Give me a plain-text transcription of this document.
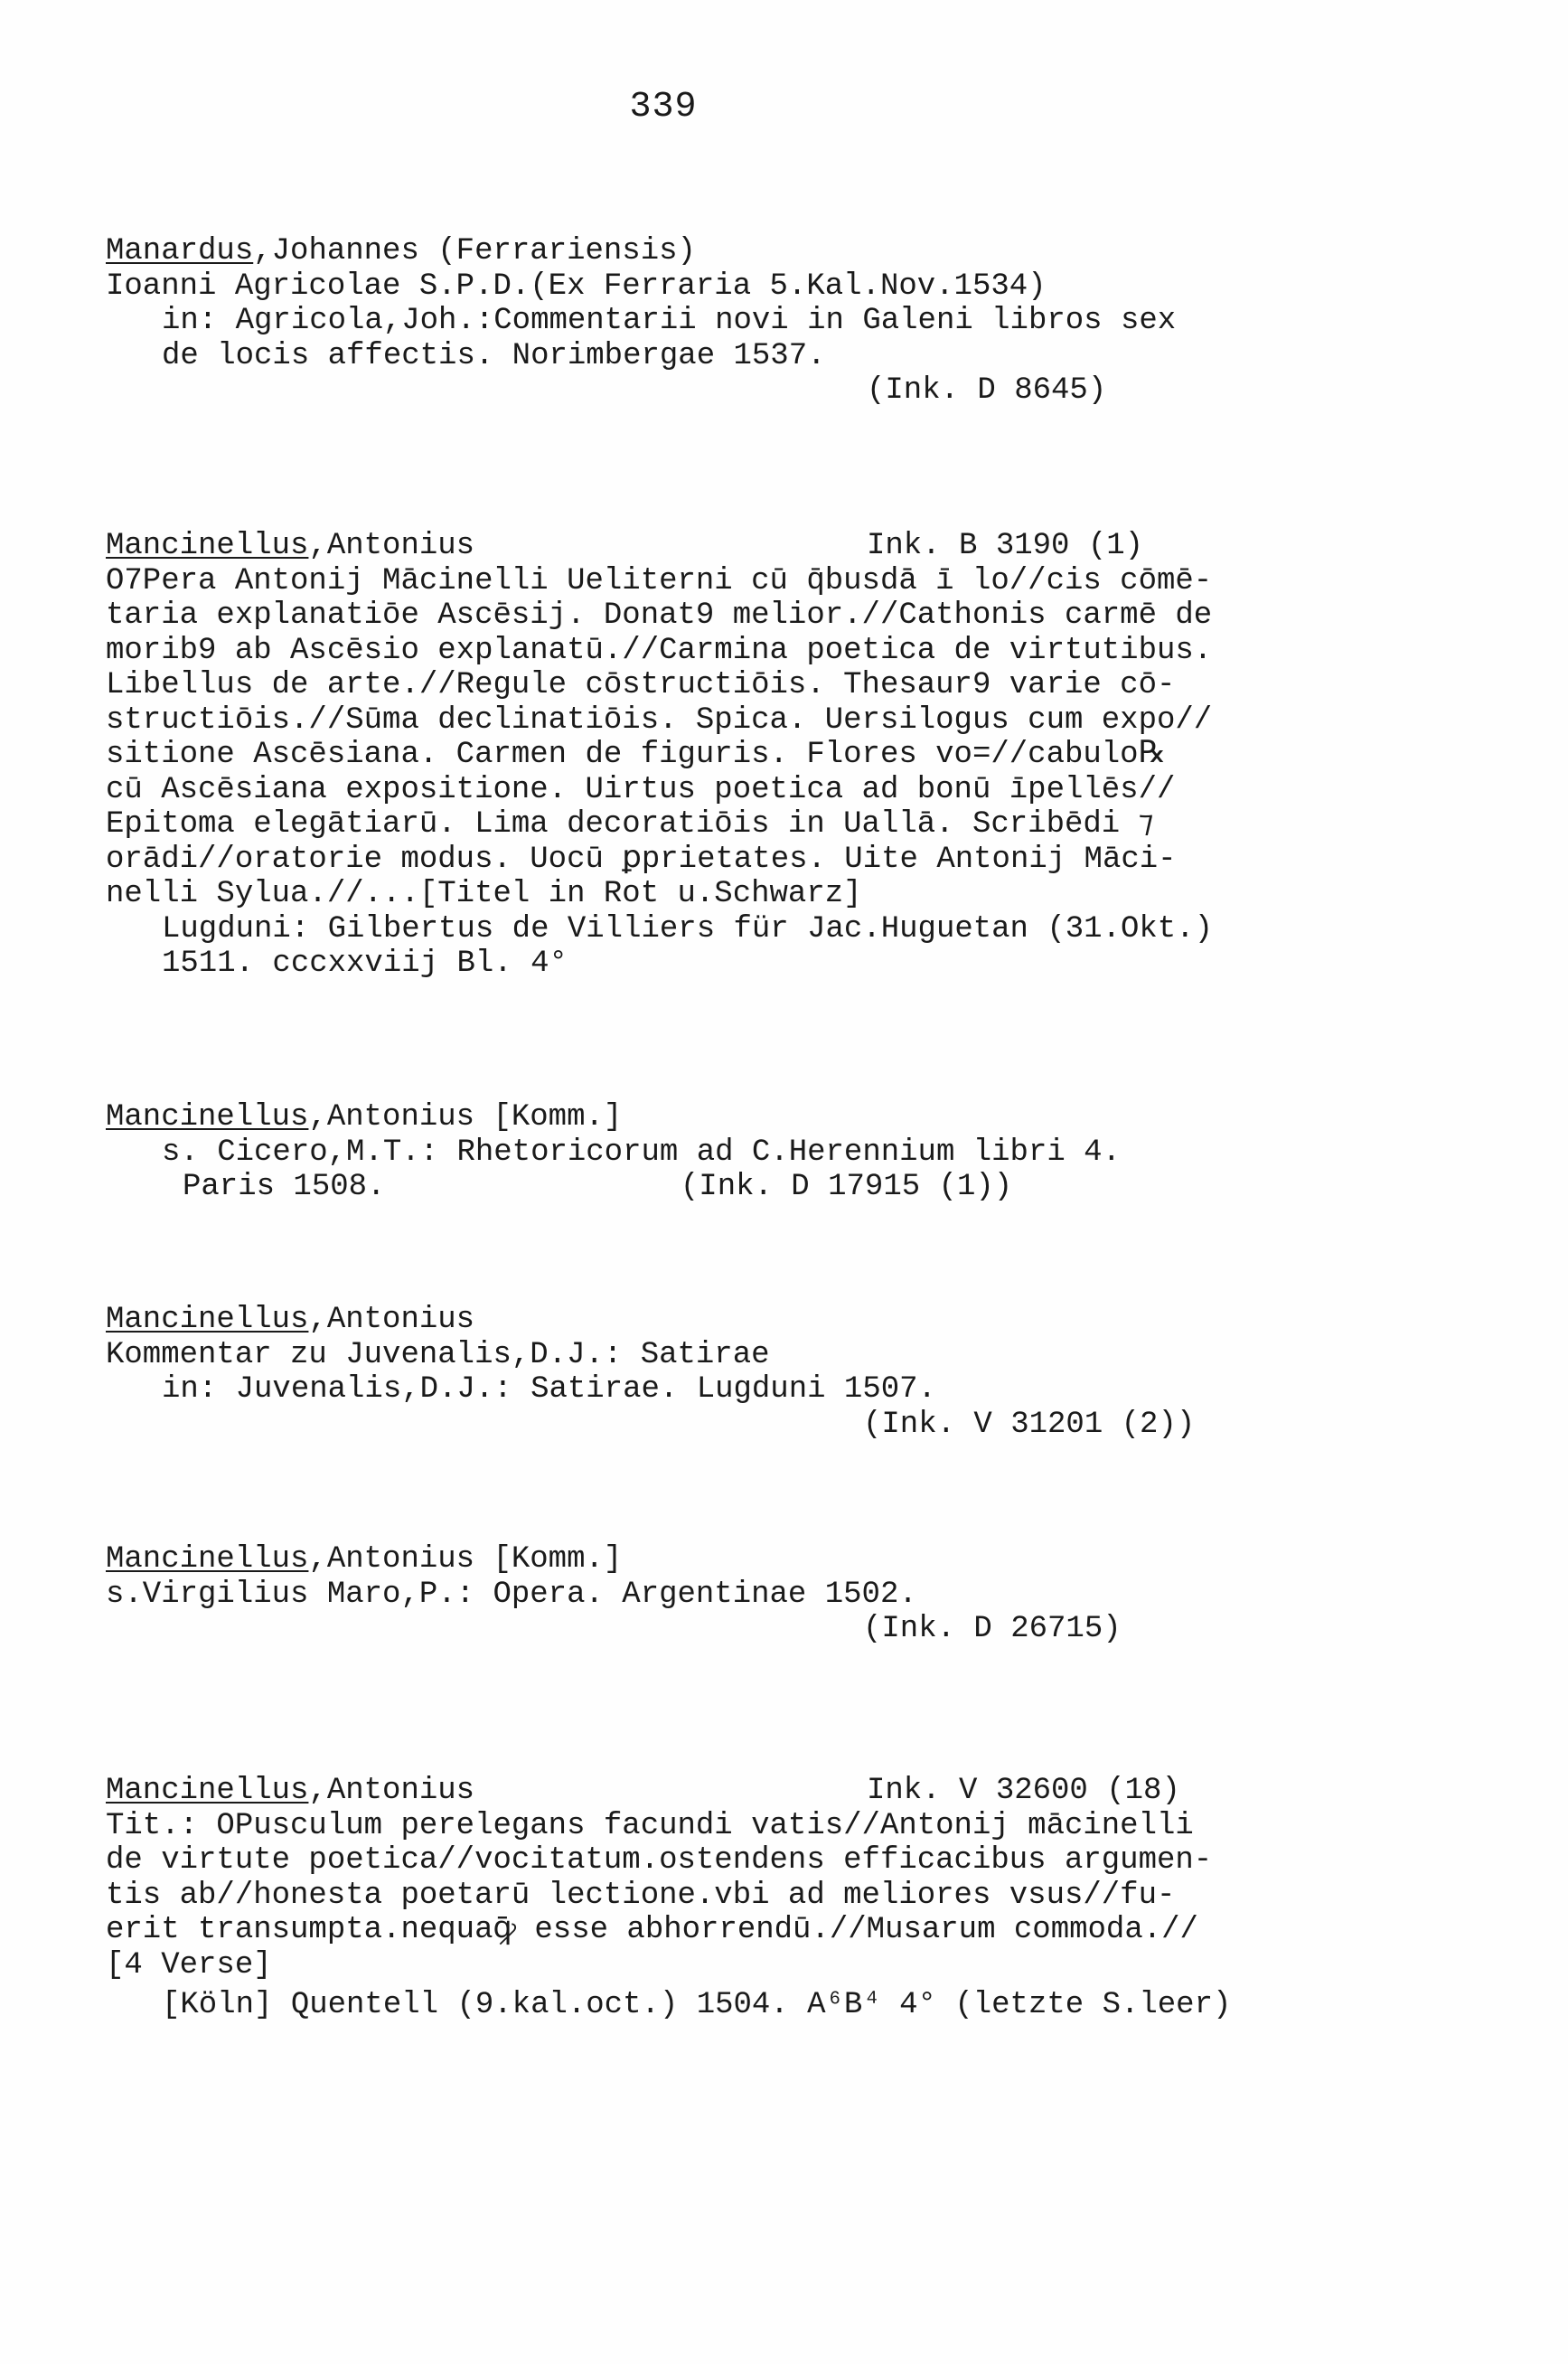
339
Manardus,Johannes (Ferrariensis)
Ioanni Agricolae S.P.D.(Ex Ferraria 5.Kal.Nov.1534)
in: Agricola,Joh.:Commentarii novi in Galeni libros sex
de locis affectis. Norimbergae 1537.
(Ink. D 8645)
Mancinellus,Antonius	Ink. B 3190 (1)
O7Pera Antonij Mācinelli Ueliterni cū q̄busdā ī lo//cis cōmē-
taria explanatiōe Ascēsij. Donat9 melior.//Cathonis carmē de
morib9 ab Ascēsio explanatū.//Carmina poetica de virtutibus.
Libellus de arte.//Regule cōstructiōis. Thesaur9 varie cō-
structiōis.//Sūma declinatiōis. Spica. Uersilogus cum expo//
sitione Ascēsiana. Carmen de figuris. Flores vo=//cabulo℞
cū Ascēsiana expositione. Uirtus poetica ad bonū īpellēs//
Epitoma elegātiarū. Lima decoratiōis in Uallā. Scribēdi ⁊
orādi//oratorie modus. Uocū ꝑprietates. Uite Antonij Māci-
nelli Sylua.//...[Titel in Rot u.Schwarz]
Lugduni: Gilbertus de Villiers für Jac.Huguetan (31.Okt.)
1511. cccxxviij Bl. 4°
Mancinellus,Antonius [Komm.]
s. Cicero,M.T.: Rhetoricorum ad C.Herennium libri 4.
Paris 1508.                (Ink. D 17915 (1))
Mancinellus,Antonius
Kommentar zu Juvenalis,D.J.: Satirae
in: Juvenalis,D.J.: Satirae. Lugduni 1507.
(Ink. V 31201 (2))
Mancinellus,Antonius [Komm.]
s.Virgilius Maro,P.: Opera. Argentinae 1502.
(Ink. D 26715)
Mancinellus,Antonius	Ink. V 32600 (18)
Tit.: OPusculum perelegans facundi vatis//Antonij mācinelli
de virtute poetica//vocitatum.ostendens efficacibus argumen-
tis ab//honesta poetarū lectione.vbi ad meliores vsus//fu-
erit transumpta.nequaꝙ̄ esse abhorrendū.//Musarum commoda.//
[4 Verse]
[Köln] Quentell (9.kal.oct.) 1504. A⁶B⁴ 4° (letzte S.leer)
